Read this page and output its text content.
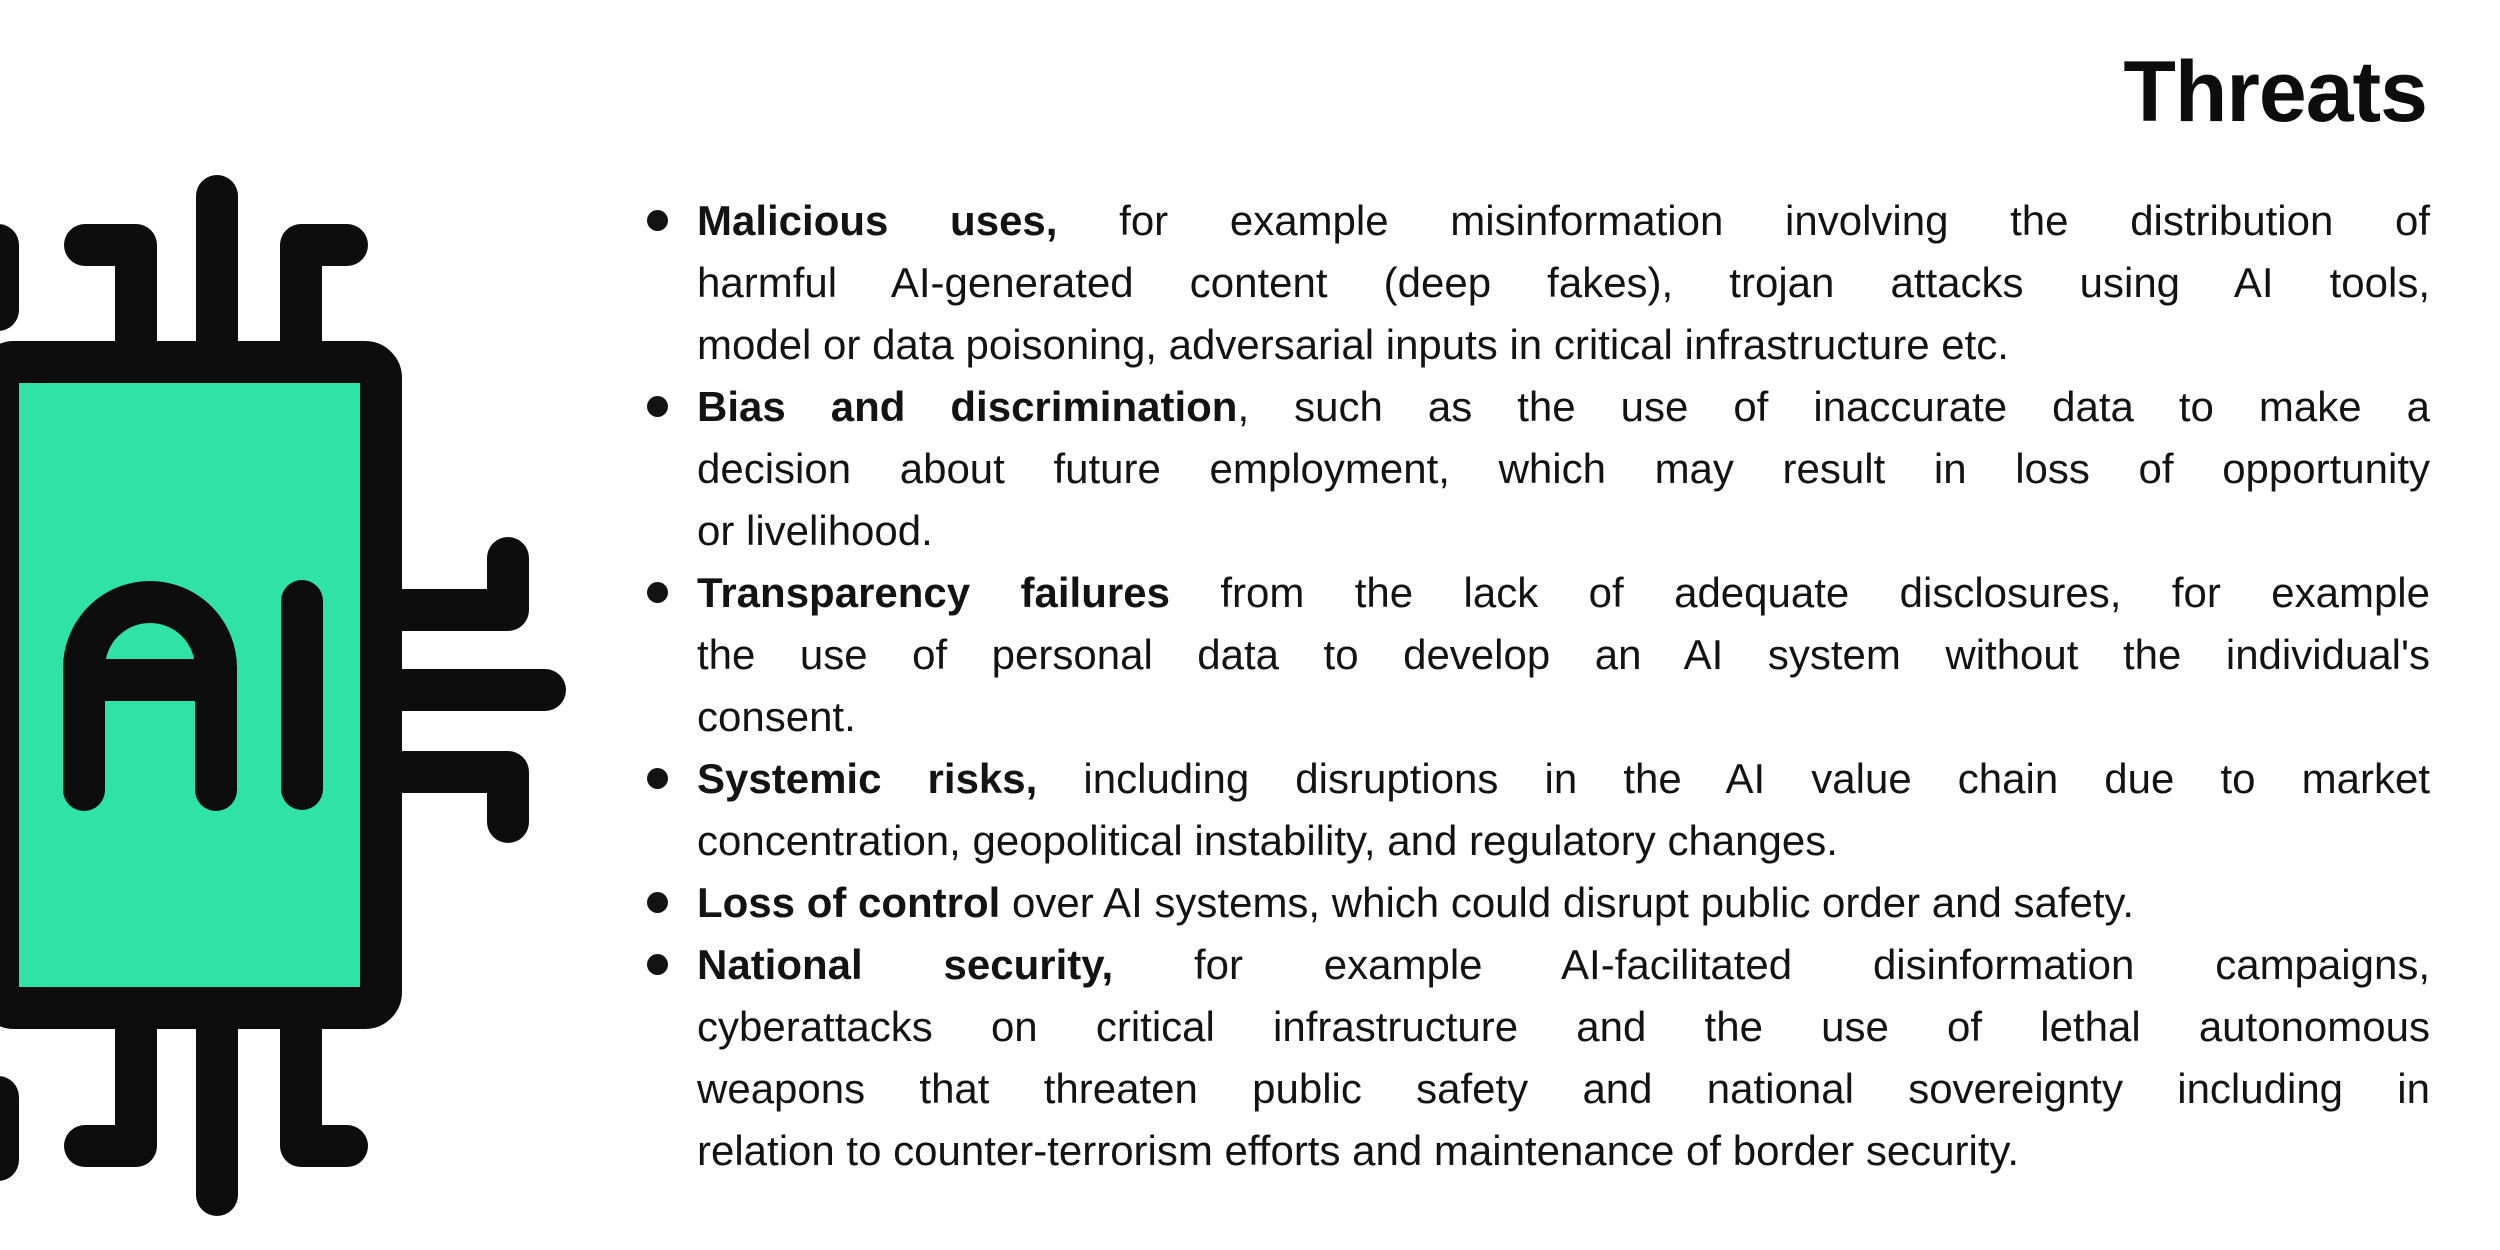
Threats
Malicious uses, for example misinformation involving the distribution of
harmful AI-generated content (deep fakes), trojan attacks using AI tools,
model or data poisoning, adversarial inputs in critical infrastructure etc.
Bias and discrimination, such as the use of inaccurate data to make a
decision about future employment, which may result in loss of opportunity
or livelihood.
Transparency failures from the lack of adequate disclosures, for example
the use of personal data to develop an AI system without the individual's
consent.
Systemic risks, including disruptions in the AI value chain due to market
concentration, geopolitical instability, and regulatory changes.
Loss of control over AI systems, which could disrupt public order and safety.
National security, for example AI-facilitated disinformation campaigns,
cyberattacks on critical infrastructure and the use of lethal autonomous
weapons that threaten public safety and national sovereignty including in
relation to counter-terrorism efforts and maintenance of border security.
